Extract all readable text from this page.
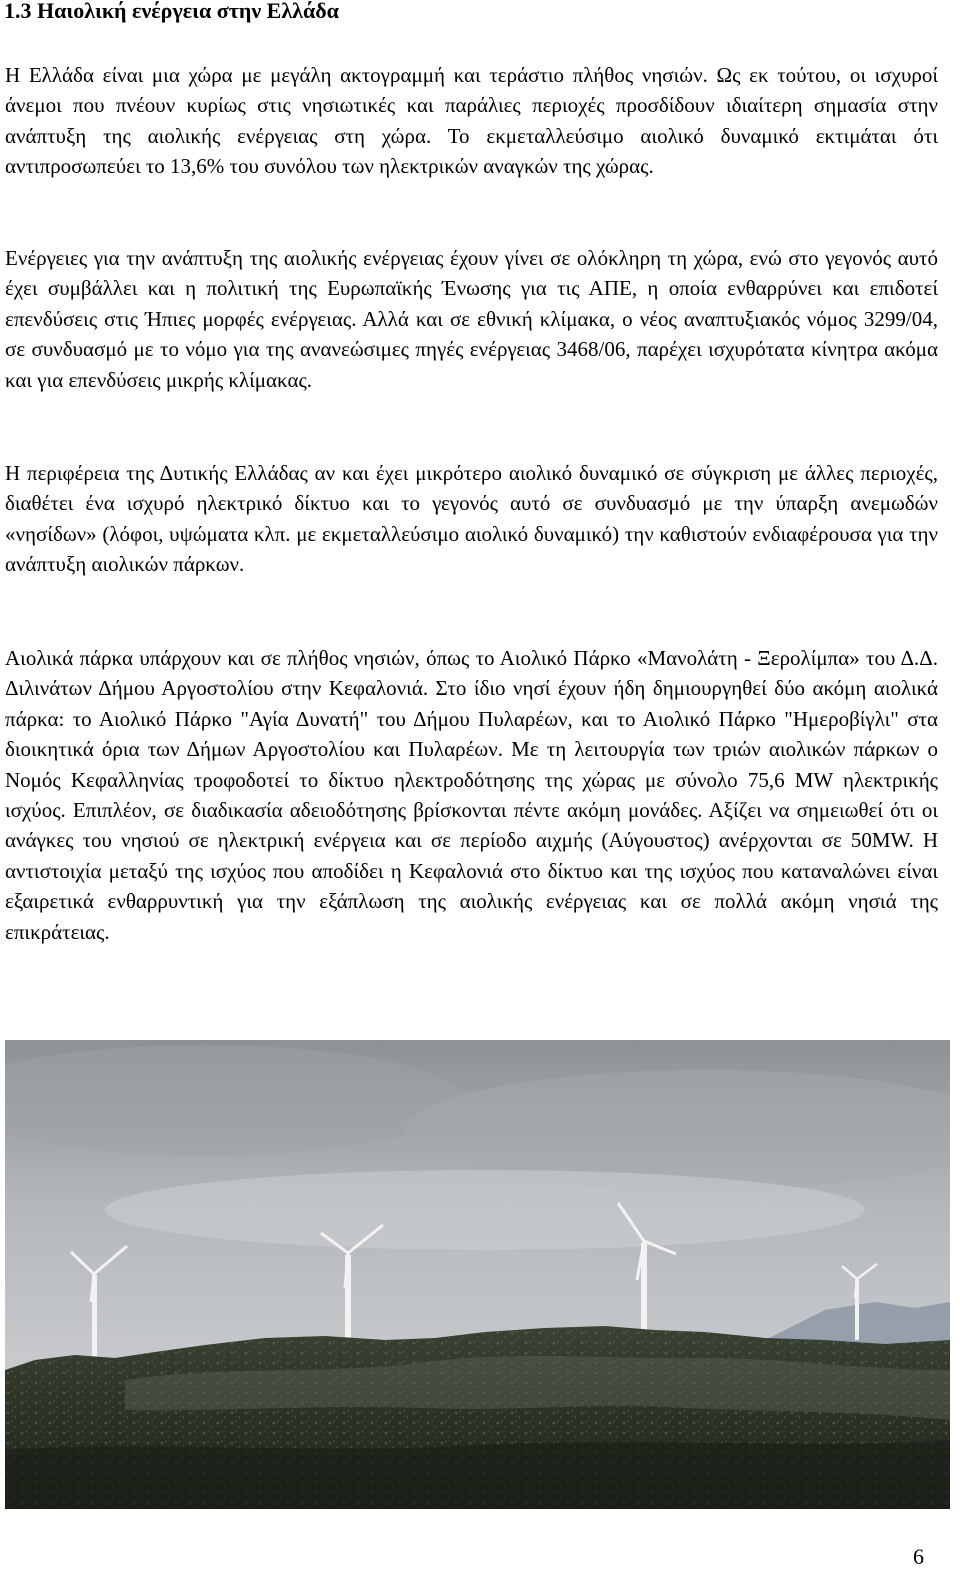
1.3 Ηαιολική ενέργεια στην Ελλάδα

Η Ελλάδα είναι μια χώρα με μεγάλη ακτογραμμή και τεράστιο πλήθος νησιών. Ως εκ τούτου, οι ισχυροί άνεμοι που πνέουν κυρίως στις νησιωτικές και παράλιες περιοχές προσδίδουν ιδιαίτερη σημασία στην ανάπτυξη της αιολικής ενέργειας στη χώρα. Το εκμεταλλεύσιμο αιολικό δυναμικό εκτιμάται ότι αντιπροσωπεύει το 13,6% του συνόλου των ηλεκτρικών αναγκών της χώρας.

Ενέργειες για την ανάπτυξη της αιολικής ενέργειας έχουν γίνει σε ολόκληρη τη χώρα, ενώ στο γεγονός αυτό έχει συμβάλλει και η πολιτική της Ευρωπαϊκής Ένωσης για τις ΑΠΕ, η οποία ενθαρρύνει και επιδοτεί επενδύσεις στις Ήπιες μορφές ενέργειας. Αλλά και σε εθνική κλίμακα, ο νέος αναπτυξιακός νόμος 3299/04, σε συνδυασμό με το νόμο για της ανανεώσιμες πηγές ενέργειας 3468/06, παρέχει ισχυρότατα κίνητρα ακόμα και για επενδύσεις μικρής κλίμακας.

Η περιφέρεια της Δυτικής Ελλάδας αν και έχει μικρότερο αιολικό δυναμικό σε σύγκριση με άλλες περιοχές, διαθέτει ένα ισχυρό ηλεκτρικό δίκτυο και το γεγονός αυτό σε συνδυασμό με την ύπαρξη ανεμωδών «νησίδων» (λόφοι, υψώματα κλπ. με εκμεταλλεύσιμο αιολικό δυναμικό) την καθιστούν ενδιαφέρουσα για την ανάπτυξη αιολικών πάρκων.

Αιολικά πάρκα υπάρχουν και σε πλήθος νησιών, όπως το Αιολικό Πάρκο «Μανολάτη - Ξερολίμπα» του Δ.Δ. Διλινάτων Δήμου Αργοστολίου στην Κεφαλονιά. Στο ίδιο νησί έχουν ήδη δημιουργηθεί δύο ακόμη αιολικά πάρκα: το Αιολικό Πάρκο "Αγία Δυνατή" του Δήμου Πυλαρέων, και το Αιολικό Πάρκο "Ημεροβίγλι" στα διοικητικά όρια των Δήμων Αργοστολίου και Πυλαρέων. Με τη λειτουργία των τριών αιολικών πάρκων ο Νομός Κεφαλληνίας τροφοδοτεί το δίκτυο ηλεκτροδότησης της χώρας με σύνολο 75,6 MW ηλεκτρικής ισχύος. Επιπλέον, σε διαδικασία αδειοδότησης βρίσκονται πέντε ακόμη μονάδες. Αξίζει να σημειωθεί ότι οι ανάγκες του νησιού σε ηλεκτρική ενέργεια και σε περίοδο αιχμής (Αύγουστος) ανέρχονται σε 50MW. Η αντιστοιχία μεταξύ της ισχύος που αποδίδει η Κεφαλονιά στο δίκτυο και της ισχύος που καταναλώνει είναι εξαιρετικά ενθαρρυντική για την εξάπλωση της αιολικής ενέργειας και σε πολλά ακόμη νησιά της επικράτειας.

6
